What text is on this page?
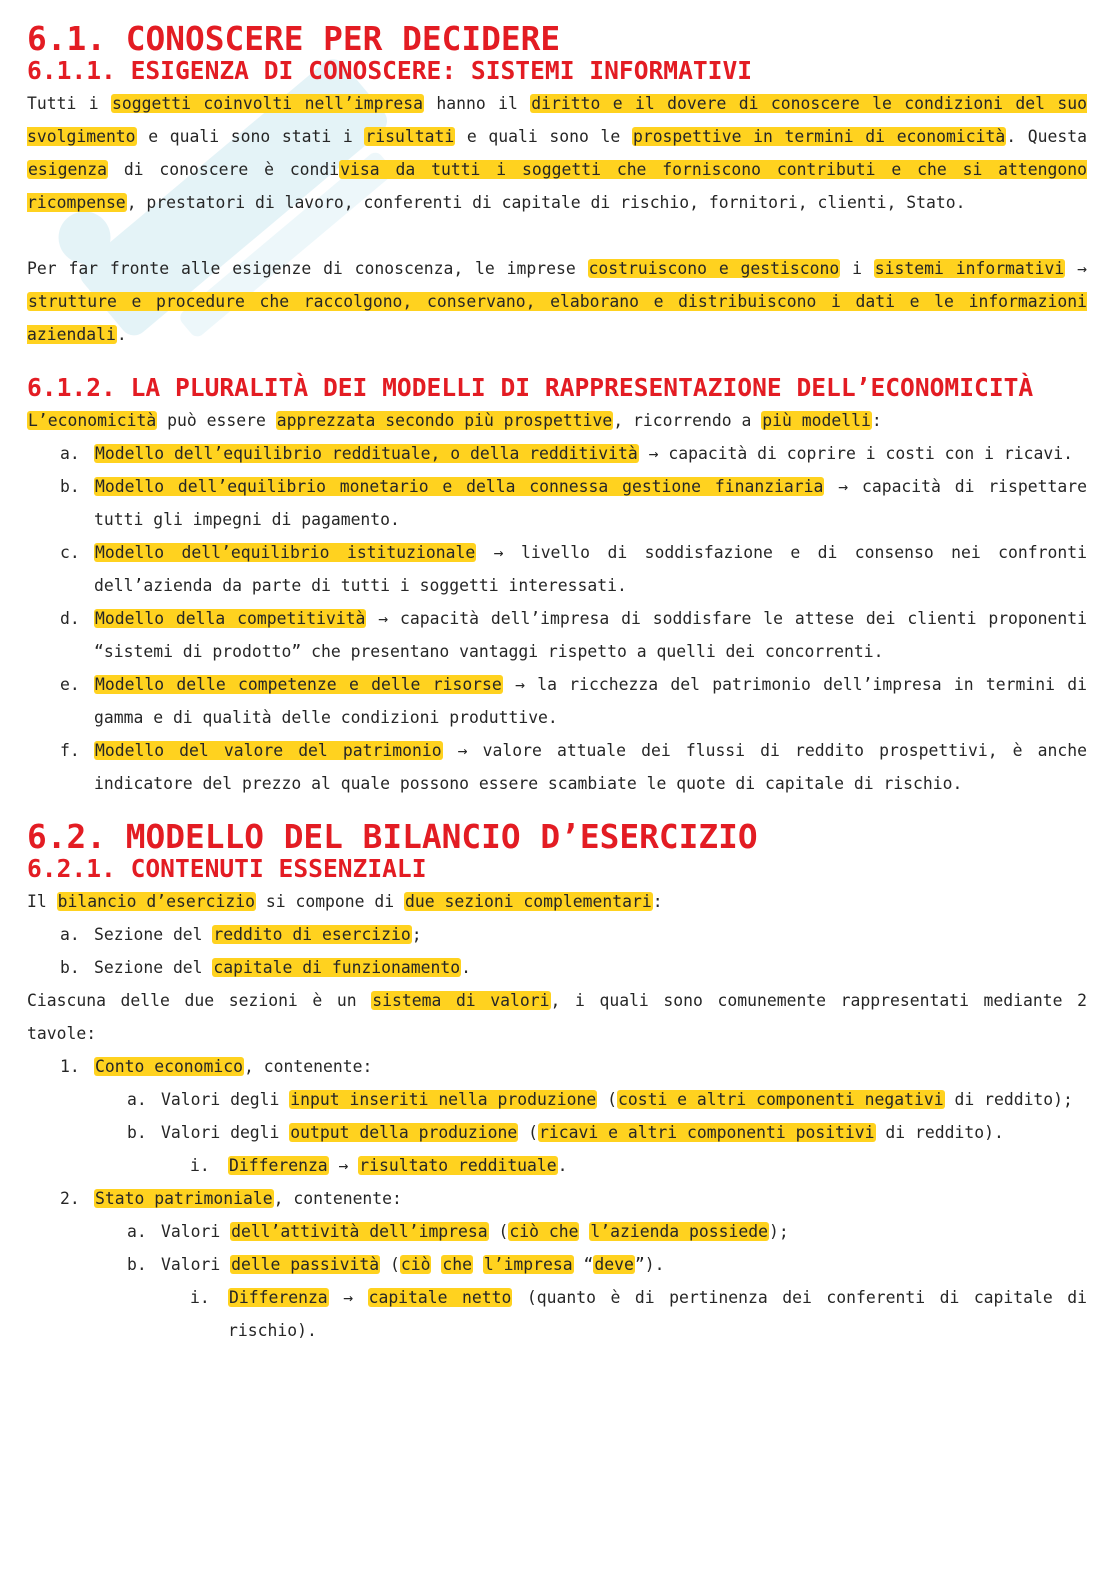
6.1. CONOSCERE PER DECIDERE
6.1.1. ESIGENZA DI CONOSCERE: SISTEMI INFORMATIVI

Tutti i soggetti coinvolti nell’impresa hanno il diritto e il dovere di conoscere le condizioni del suo svolgimento e quali sono stati i risultati e quali sono le prospettive in termini di economicità. Questa esigenza di conoscere è condivisa da tutti i soggetti che forniscono contributi e che si attengono ricompense, prestatori di lavoro, conferenti di capitale di rischio, fornitori, clienti, Stato.

Per far fronte alle esigenze di conoscenza, le imprese costruiscono e gestiscono i sistemi informativi → strutture e procedure che raccolgono, conservano, elaborano e distribuiscono i dati e le informazioni aziendali.

6.1.2. LA PLURALITÀ DEI MODELLI DI RAPPRESENTAZIONE DELL’ECONOMICITÀ

L’economicità può essere apprezzata secondo più prospettive, ricorrendo a più modelli:

a. Modello dell’equilibrio reddituale, o della redditività → capacità di coprire i costi con i ricavi.
b. Modello dell’equilibrio monetario e della connessa gestione finanziaria → capacità di rispettare tutti gli impegni di pagamento.
c. Modello dell’equilibrio istituzionale → livello di soddisfazione e di consenso nei confronti dell’azienda da parte di tutti i soggetti interessati.
d. Modello della competitività → capacità dell’impresa di soddisfare le attese dei clienti proponenti “sistemi di prodotto” che presentano vantaggi rispetto a quelli dei concorrenti.
e. Modello delle competenze e delle risorse → la ricchezza del patrimonio dell’impresa in termini di gamma e di qualità delle condizioni produttive.
f. Modello del valore del patrimonio → valore attuale dei flussi di reddito prospettivi, è anche indicatore del prezzo al quale possono essere scambiate le quote di capitale di rischio.
6.2. MODELLO DEL BILANCIO D’ESERCIZIO
6.2.1. CONTENUTI ESSENZIALI

Il bilancio d’esercizio si compone di due sezioni complementari:

a. Sezione del reddito di esercizio;
b. Sezione del capitale di funzionamento.

Ciascuna delle due sezioni è un sistema di valori, i quali sono comunemente rappresentati mediante 2 tavole:

1. Conto economico, contenente:
a. Valori degli input inseriti nella produzione (costi e altri componenti negativi di reddito);
b. Valori degli output della produzione (ricavi e altri componenti positivi di reddito).
i.	Differenza → risultato reddituale.
2. Stato patrimoniale, contenente:
a. Valori dell’attività dell’impresa (ciò che l’azienda possiede);
b. Valori delle passività (ciò che l’impresa “deve”).
i.	Differenza → capitale netto (quanto è di pertinenza dei conferenti di capitale di rischio).
